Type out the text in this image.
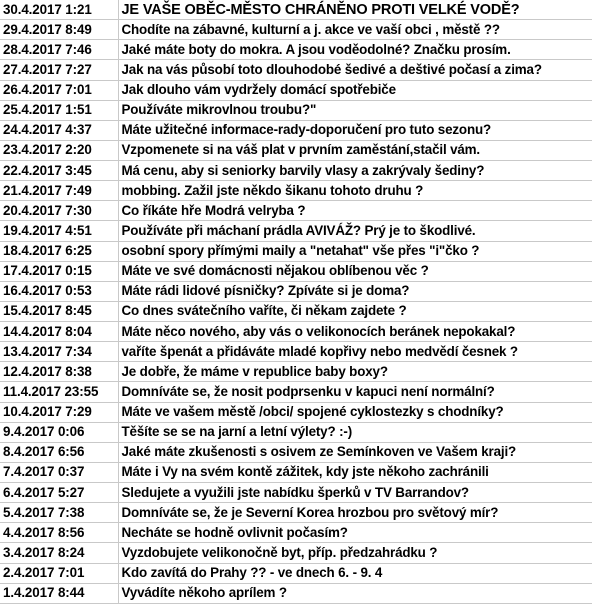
30.4.2017 1:21	JE VAŠE OBĚC-MĚSTO CHRÁNĚNO PROTI VELKÉ VODĚ?
29.4.2017 8:49	Chodíte na zábavné, kulturní a j. akce ve vaší obci , městě ??
28.4.2017 7:46	Jaké máte boty do mokra. A jsou voděodolné? Značku prosím.
27.4.2017 7:27	Jak na vás působí toto dlouhodobé šedivé a deštivé počasí a zima?
26.4.2017 7:01	Jak dlouho vám vydržely domácí spotřebiče
25.4.2017 1:51	Používáte mikrovlnou troubu?"
24.4.2017 4:37	Máte užitečné informace-rady-doporučení pro tuto sezonu?
23.4.2017 2:20	Vzpomenete si na váš plat v prvním zaměstání,stačil vám.
22.4.2017 3:45	Má cenu, aby si seniorky barvily vlasy a zakrývaly šediny?
21.4.2017 7:49	mobbing. Zažil jste někdo šikanu tohoto druhu ?
20.4.2017 7:30	Co říkáte hře Modrá velryba ?
19.4.2017 4:51	Používáte při máchaní prádla AVIVÁŽ? Prý je to škodlivé.
18.4.2017 6:25	osobní spory přímými maily a "netahat" vše přes "i"čko ?
17.4.2017 0:15	Máte ve své domácnosti nějakou oblíbenou věc ?
16.4.2017 0:53	Máte rádi lidové písničky? Zpíváte si je doma?
15.4.2017 8:45	Co dnes svátečního vaříte, či někam zajdete ?
14.4.2017 8:04	Máte něco nového, aby vás o velikonocích beránek nepokakal?
13.4.2017 7:34	vaříte špenát a přidáváte mladé kopřivy nebo medvědí česnek ?
12.4.2017 8:38	Je dobře, že máme v republice baby boxy?
11.4.2017 23:55	Domníváte se, že nosit podprsenku v kapuci není normální?
10.4.2017 7:29	Máte ve vašem městě /obci/ spojené cyklostezky s chodníky?
9.4.2017 0:06	Těšíte se se na jarní a letní výlety? :-)
8.4.2017 6:56	Jaké máte zkušenosti s osivem ze Semínkoven ve Vašem kraji?
7.4.2017 0:37	Máte i Vy na svém kontě zážitek, kdy jste někoho zachránili
6.4.2017 5:27	Sledujete a využili jste nabídku šperků v TV Barrandov?
5.4.2017 7:38	Domníváte se, že je Severní Korea hrozbou pro světový mír?
4.4.2017 8:56	Necháte se hodně ovlivnit počasím?
3.4.2017 8:24	Vyzdobujete velikonočně byt, příp. předzahrádku ?
2.4.2017 7:01	Kdo zavítá do Prahy ?? - ve dnech 6. - 9. 4
1.4.2017 8:44	Vyvádíte někoho aprílem ?
